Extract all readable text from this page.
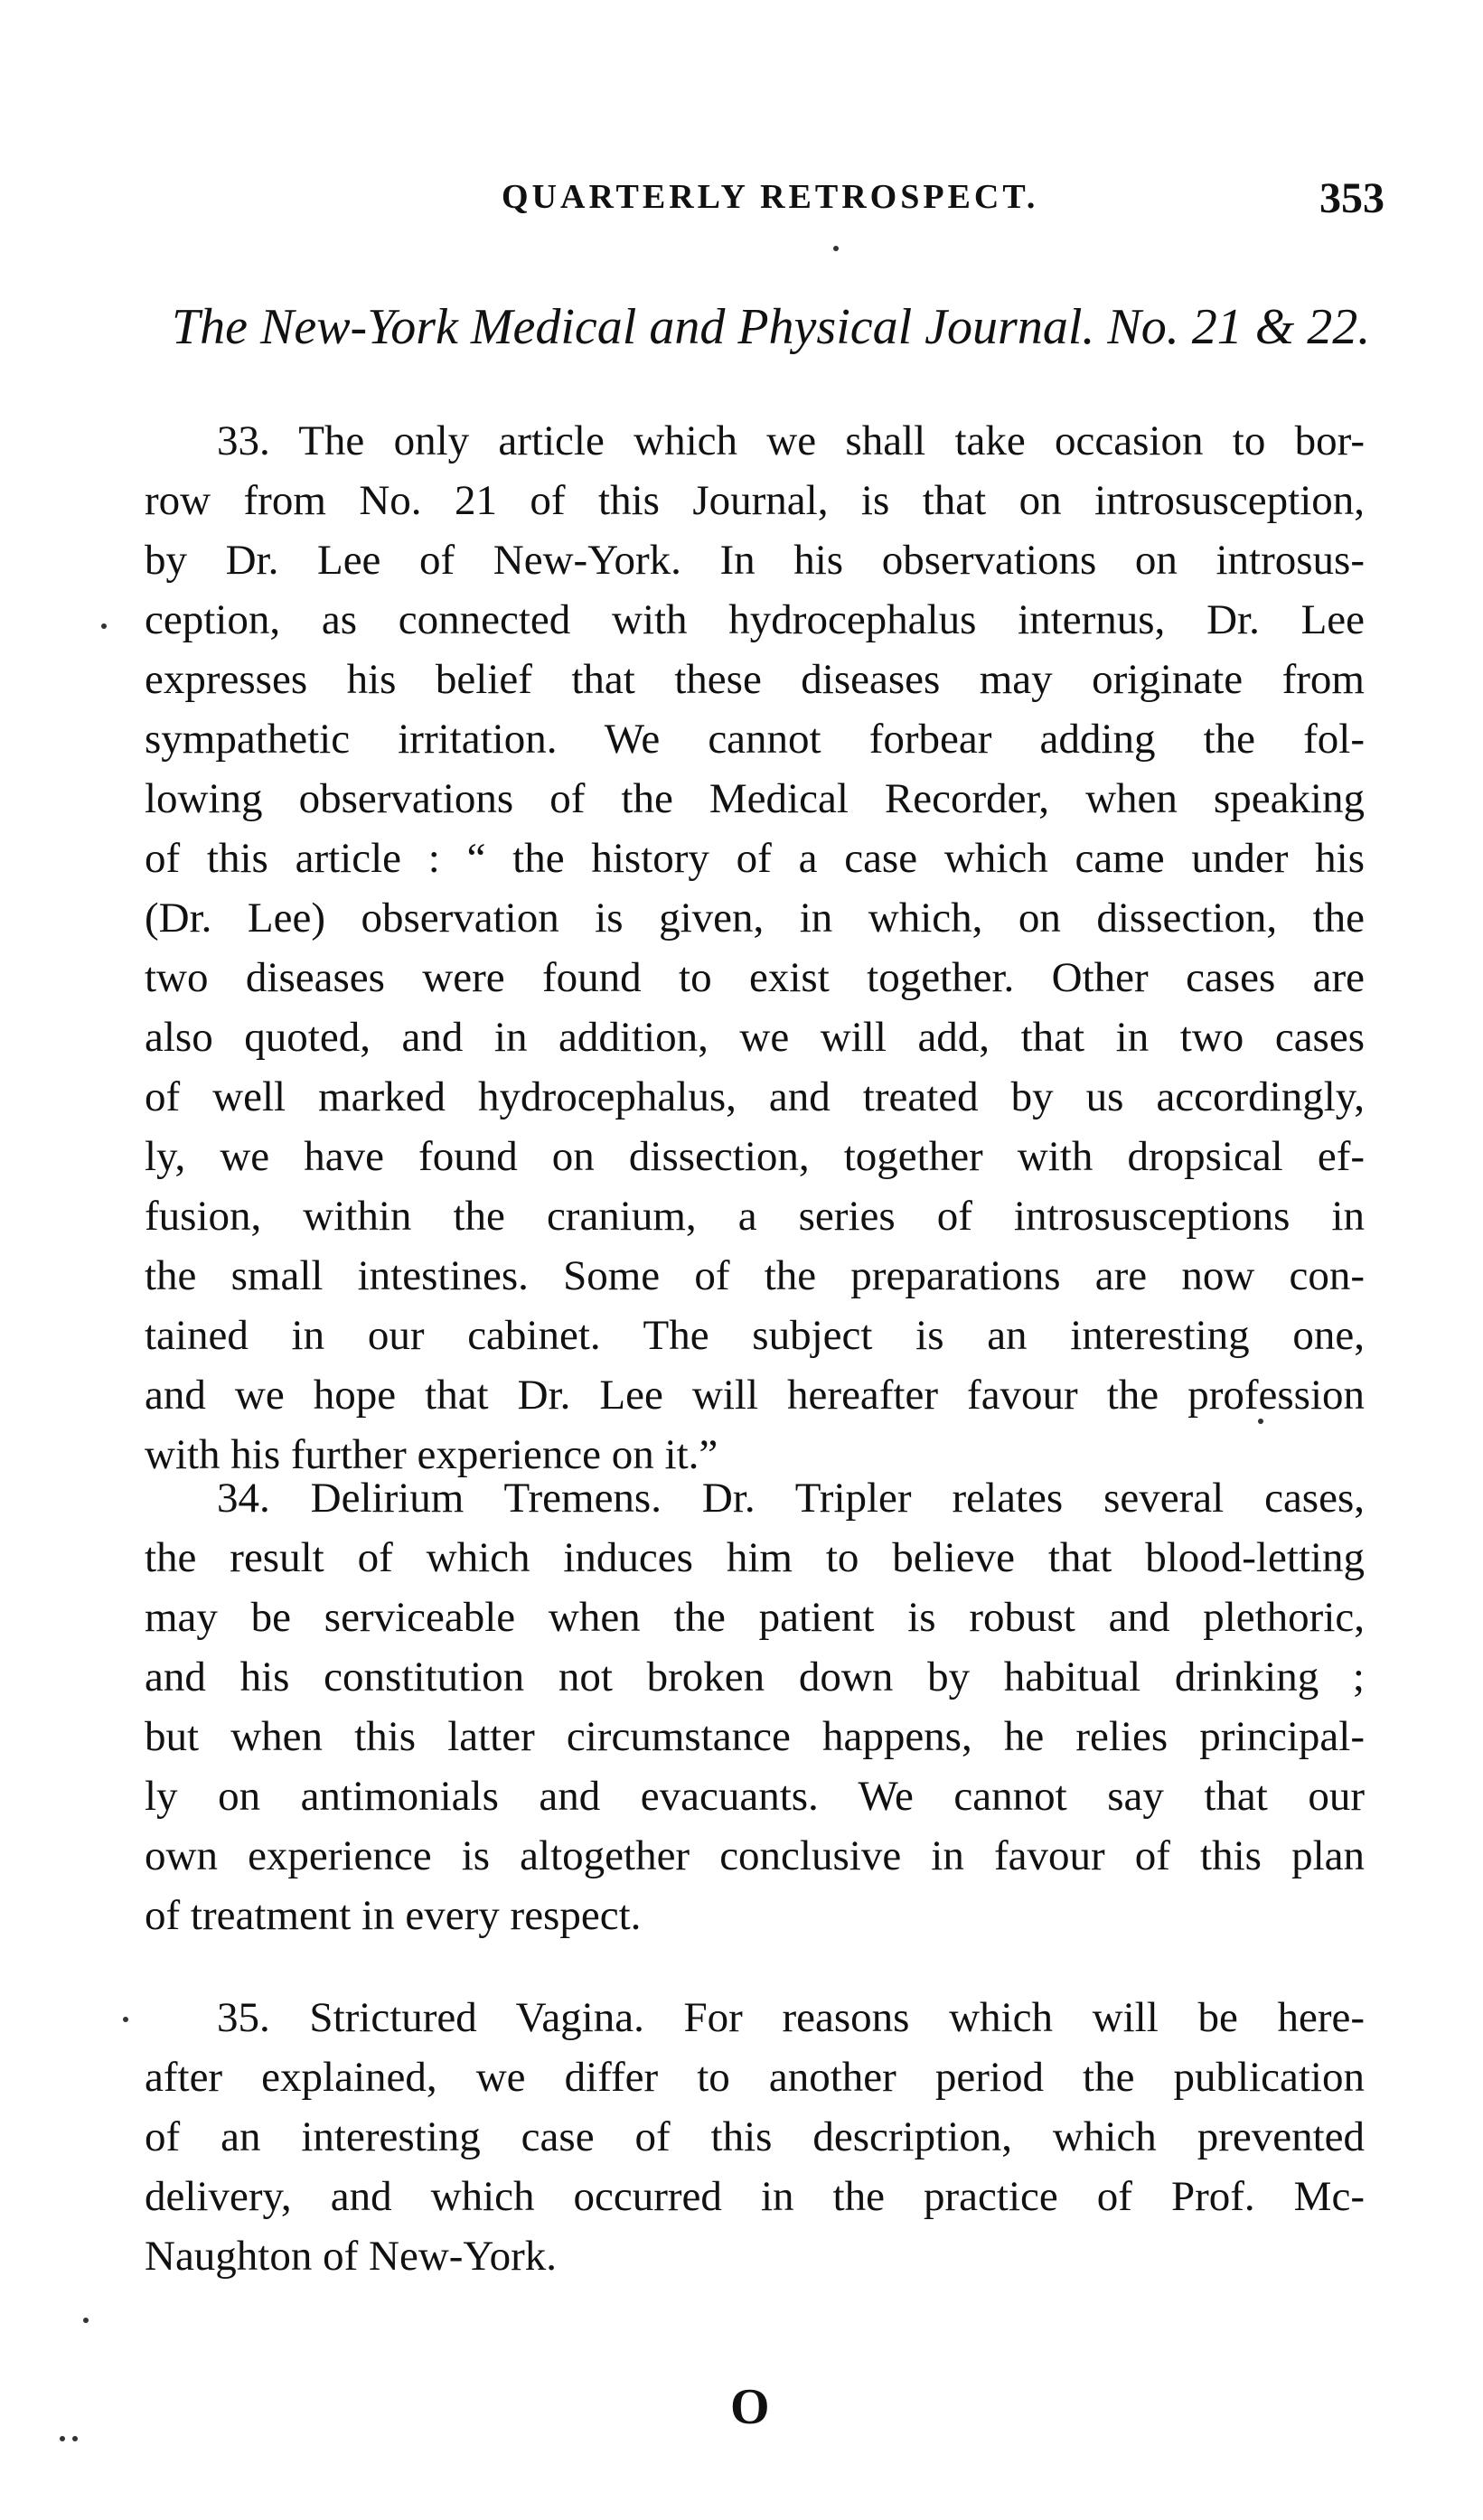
QUARTERLY RETROSPECT.	353
The New-York Medical and Physical Journal. No. 21 & 22.
33. The only article which we shall take occasion to bor-
row from No. 21 of this Journal, is that on introsusception,
by Dr. Lee of New-York. In his observations on introsus-
ception, as connected with hydrocephalus internus, Dr. Lee
expresses his belief that these diseases may originate from
sympathetic irritation. We cannot forbear adding the fol-
lowing observations of the Medical Recorder, when speaking
of this article : “ the history of a case which came under his
(Dr. Lee) observation is given, in which, on dissection, the
two diseases were found to exist together. Other cases are
also quoted, and in addition, we will add, that in two cases
of well marked hydrocephalus, and treated by us accordingly,
ly, we have found on dissection, together with dropsical ef-
fusion, within the cranium, a series of introsusceptions in
the small intestines. Some of the preparations are now con-
tained in our cabinet. The subject is an interesting one,
and we hope that Dr. Lee will hereafter favour the profession
with his further experience on it.”
34. Delirium Tremens. Dr. Tripler relates several cases,
the result of which induces him to believe that blood-letting
may be serviceable when the patient is robust and plethoric,
and his constitution not broken down by habitual drinking ;
but when this latter circumstance happens, he relies principal-
ly on antimonials and evacuants. We cannot say that our
own experience is altogether conclusive in favour of this plan
of treatment in every respect.
35. Strictured Vagina. For reasons which will be here-
after explained, we differ to another period the publication
of an interesting case of this description, which prevented
delivery, and which occurred in the practice of Prof. Mc-
Naughton of New-York.
O
